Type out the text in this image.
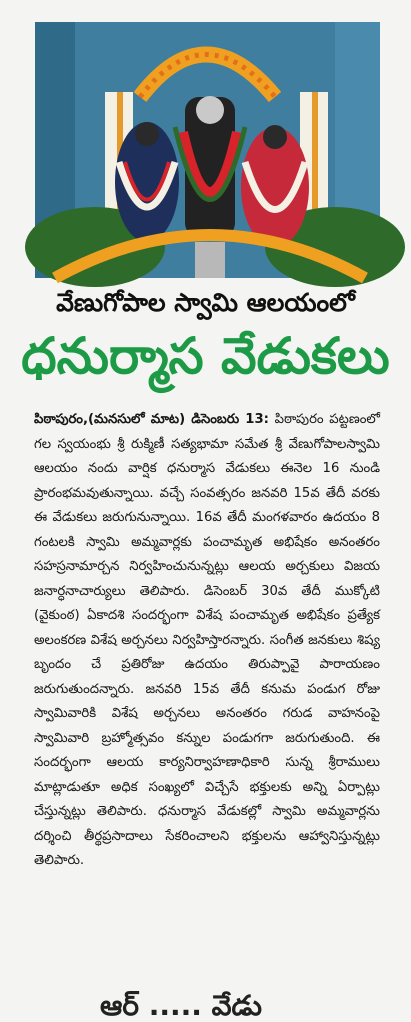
వేణుగోపాల స్వామి ఆలయంలో
ధనుర్మాస వేడుకలు
పిఠాపురం,(మనసులో మాట) డిసెంబరు 13: పిఠాపురం పట్టణంలో గల స్వయంభు శ్రీ రుక్మిణీ సత్యభామా సమేత శ్రీ వేణుగోపాలస్వామి ఆలయం నందు వార్షిక ధనుర్మాస వేడుకలు ఈనెల 16 నుండి ప్రారంభమవుతున్నాయి. వచ్చే సంవత్సరం జనవరి 15వ తేదీ వరకు ఈ వేడుకలు జరుగునున్నాయి. 16వ తేదీ మంగళవారం ఉదయం 8 గంటలకి స్వామి అమ్మవార్లకు పంచామృత అభిషేకం అనంతరం సహస్రనామార్చన నిర్వహించునున్నట్లు ఆలయ అర్చకులు విజయ జనార్ధనాచార్యులు తెలిపారు. డిసెంబర్ 30వ తేదీ ముక్కోటి (వైకుంఠ) ఏకాదశి సందర్భంగా విశేష పంచామృత అభిషేకం ప్రత్యేక అలంకరణ విశేష అర్చనలు నిర్వహిస్తారన్నారు. సంగీత జనకులు శిష్య బృందం చే ప్రతిరోజు ఉదయం తిరుప్పావై పారాయణం జరుగుతుందన్నారు. జనవరి 15వ తేదీ కనుమ పండుగ రోజు స్వామివారికి విశేష అర్చనలు అనంతరం గరుడ వాహనంపై స్వామివారి బ్రహ్మోత్సవం కన్నుల పండుగగా జరుగుతుంది. ఈ సందర్భంగా ఆలయ కార్యనిర్వాహణాధికారి సున్న శ్రీరాములు మాట్లాడుతూ అధిక సంఖ్యలో విచ్చేసే భక్తులకు అన్ని ఏర్పాట్లు చేస్తున్నట్లు తెలిపారు. ధనుర్మాస వేడుకల్లో స్వామి అమ్మవార్లను దర్శించి తీర్థప్రసాదాలు సేకరించాలని భక్తులను ఆహ్వానిస్తున్నట్లు తెలిపారు.
ఆర్ ..... వేడు
